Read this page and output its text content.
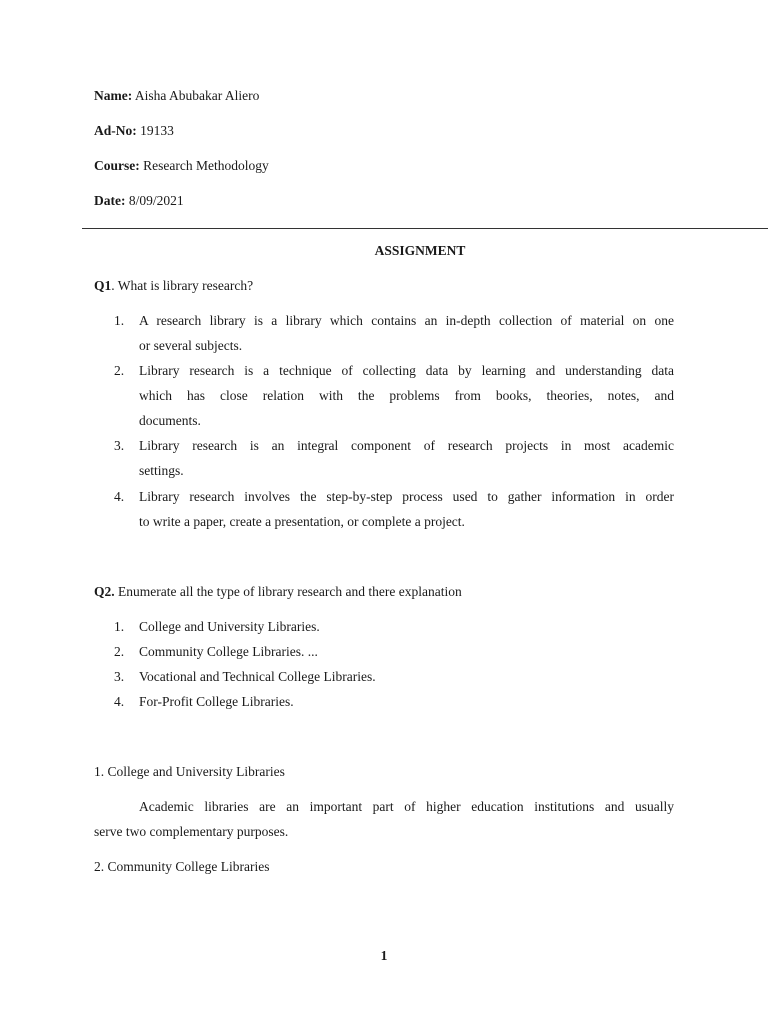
Name: Aisha Abubakar Aliero
Ad-No: 19133
Course: Research Methodology
Date: 8/09/2021
ASSIGNMENT
Q1. What is library research?
1. A research library is a library which contains an in-depth collection of material on one
or several subjects.
2. Library research is a technique of collecting data by learning and understanding data
which has close relation with the problems from books, theories, notes, and
documents.
3. Library research is an integral component of research projects in most academic
settings.
4. Library research involves the step-by-step process used to gather information in order
to write a paper, create a presentation, or complete a project.
Q2. Enumerate all the type of library research and there explanation
1. College and University Libraries.
2. Community College Libraries. ...
3. Vocational and Technical College Libraries.
4. For-Profit College Libraries.
1. College and University Libraries
Academic libraries are an important part of higher education institutions and usually
serve two complementary purposes.
2. Community College Libraries
1
